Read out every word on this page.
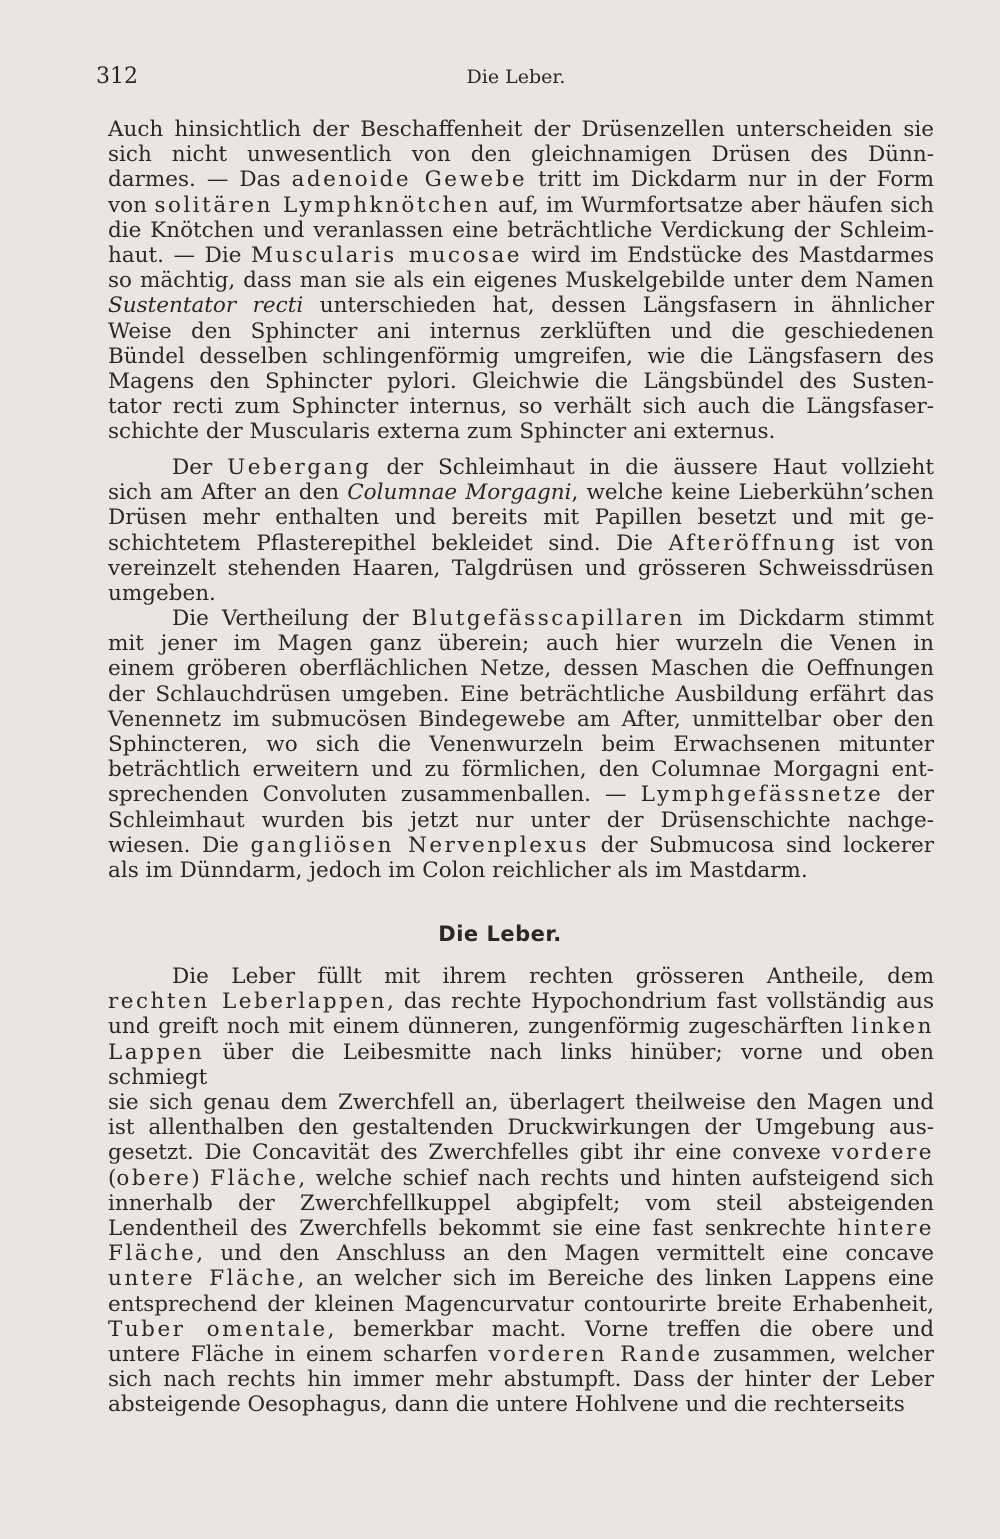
312	Die Leber.

Auch hinsichtlich der Beschaffenheit der Drüsenzellen unterscheiden sie

sich nicht unwesentlich von den gleichnamigen Drüsen des Dünn-

darmes. — Das adenoide Gewebe tritt im Dickdarm nur in der Form

von solitären Lymphknötchen auf, im Wurmfortsatze aber häufen sich

die Knötchen und veranlassen eine beträchtliche Verdickung der Schleim-

haut. — Die Muscularis mucosae wird im Endstücke des Mastdarmes

so mächtig, dass man sie als ein eigenes Muskelgebilde unter dem Namen

Sustentator recti unterschieden hat, dessen Längsfasern in ähnlicher

Weise den Sphincter ani internus zerklüften und die geschiedenen

Bündel desselben schlingenförmig umgreifen, wie die Längsfasern des

Magens den Sphincter pylori. Gleichwie die Längsbündel des Susten-

tator recti zum Sphincter internus, so verhält sich auch die Längsfaser-

schichte der Muscularis externa zum Sphincter ani externus.

Der Uebergang der Schleimhaut in die äussere Haut vollzieht

sich am After an den Columnae Morgagni, welche keine Lieberkühn’schen

Drüsen mehr enthalten und bereits mit Papillen besetzt und mit ge-

schichtetem Pflasterepithel bekleidet sind. Die Afteröffnung ist von

vereinzelt stehenden Haaren, Talgdrüsen und grösseren Schweissdrüsen

umgeben.

Die Vertheilung der Blutgefässcapillaren im Dickdarm stimmt

mit jener im Magen ganz überein; auch hier wurzeln die Venen in

einem gröberen oberflächlichen Netze, dessen Maschen die Oeffnungen

der Schlauchdrüsen umgeben. Eine beträchtliche Ausbildung erfährt das

Venennetz im submucösen Bindegewebe am After, unmittelbar ober den

Sphincteren, wo sich die Venenwurzeln beim Erwachsenen mitunter

beträchtlich erweitern und zu förmlichen, den Columnae Morgagni ent-

sprechenden Convoluten zusammenballen. — Lymphgefässnetze der

Schleimhaut wurden bis jetzt nur unter der Drüsenschichte nachge-

wiesen. Die gangliösen Nervenplexus der Submucosa sind lockerer

als im Dünndarm, jedoch im Colon reichlicher als im Mastdarm.

Die Leber.

Die Leber füllt mit ihrem rechten grösseren Antheile, dem

rechten Leberlappen, das rechte Hypochondrium fast vollständig aus

und greift noch mit einem dünneren, zungenförmig zugeschärften linken

Lappen über die Leibesmitte nach links hinüber; vorne und oben schmiegt

sie sich genau dem Zwerchfell an, überlagert theilweise den Magen und

ist allenthalben den gestaltenden Druckwirkungen der Umgebung aus-

gesetzt. Die Concavität des Zwerchfelles gibt ihr eine convexe vordere

(obere) Fläche, welche schief nach rechts und hinten aufsteigend sich

innerhalb der Zwerchfellkuppel abgipfelt; vom steil absteigenden

Lendentheil des Zwerchfells bekommt sie eine fast senkrechte hintere

Fläche, und den Anschluss an den Magen vermittelt eine concave

untere Fläche, an welcher sich im Bereiche des linken Lappens eine

entsprechend der kleinen Magencurvatur contourirte breite Erhabenheit,

Tuber omentale, bemerkbar macht. Vorne treffen die obere und

untere Fläche in einem scharfen vorderen Rande zusammen, welcher

sich nach rechts hin immer mehr abstumpft. Dass der hinter der Leber

absteigende Oesophagus, dann die untere Hohlvene und die rechterseits
